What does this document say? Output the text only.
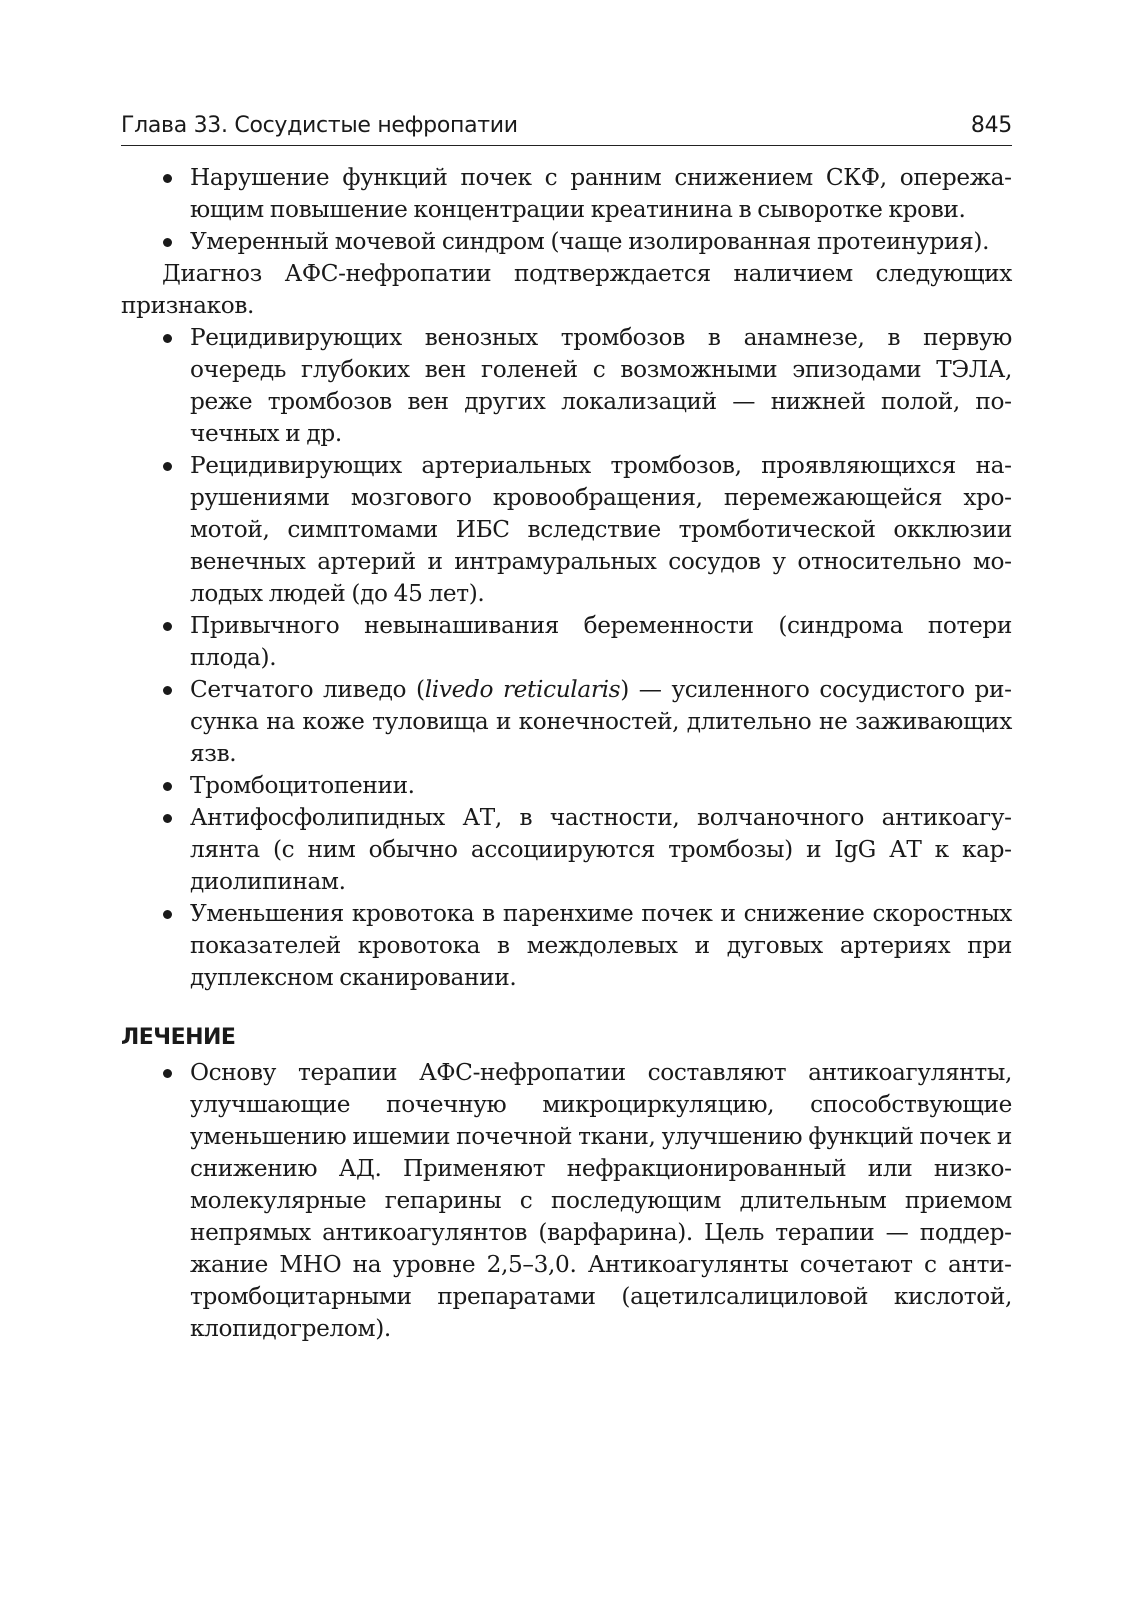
Глава 33. Сосудистые нефропатии	845
Нарушение функций почек с ранним снижением СКФ, опережающим повышение концентрации креатинина в сыворотке крови.
Умеренный мочевой синдром (чаще изолированная протеинурия).

Диагноз АФС-нефропатии подтверждается наличием следующих признаков.

Рецидивирующих венозных тромбозов в анамнезе, в первую очередь глубоких вен голеней с возможными эпизодами ТЭЛА, реже тромбозов вен других локализаций — нижней полой, почечных и др.
Рецидивирующих артериальных тромбозов, проявляющихся нарушениями мозгового кровообращения, перемежающейся хромотой, симптомами ИБС вследствие тромботической окклюзии венечных артерий и интрамуральных сосудов у относительно молодых людей (до 45 лет).
Привычного невынашивания беременности (синдрома потери плода).
Сетчатого ливедо (livedo reticularis) — усиленного сосудистого рисунка на коже туловища и конечностей, длительно не заживающих язв.
Тромбоцитопении.
Антифосфолипидных АТ, в частности, волчаночного антикоагулянта (с ним обычно ассоциируются тромбозы) и IgG АТ к кардиолипинам.
Уменьшения кровотока в паренхиме почек и снижение скоростных показателей кровотока в междолевых и дуговых артериях при дуплексном сканировании.
ЛЕЧЕНИЕ
Основу терапии АФС-нефропатии составляют антикоагулянты, улучшающие почечную микроциркуляцию, способствующие уменьшению ишемии почечной ткани, улучшению функций почек и снижению АД. Применяют нефракционированный или низкомолекулярные гепарины с последующим длительным приемом непрямых антикоагулянтов (варфарина). Цель терапии — поддержание МНО на уровне 2,5–3,0. Антикоагулянты сочетают с антитромбоцитарными препаратами (ацетилсалициловой кислотой, клопидогрелом).
